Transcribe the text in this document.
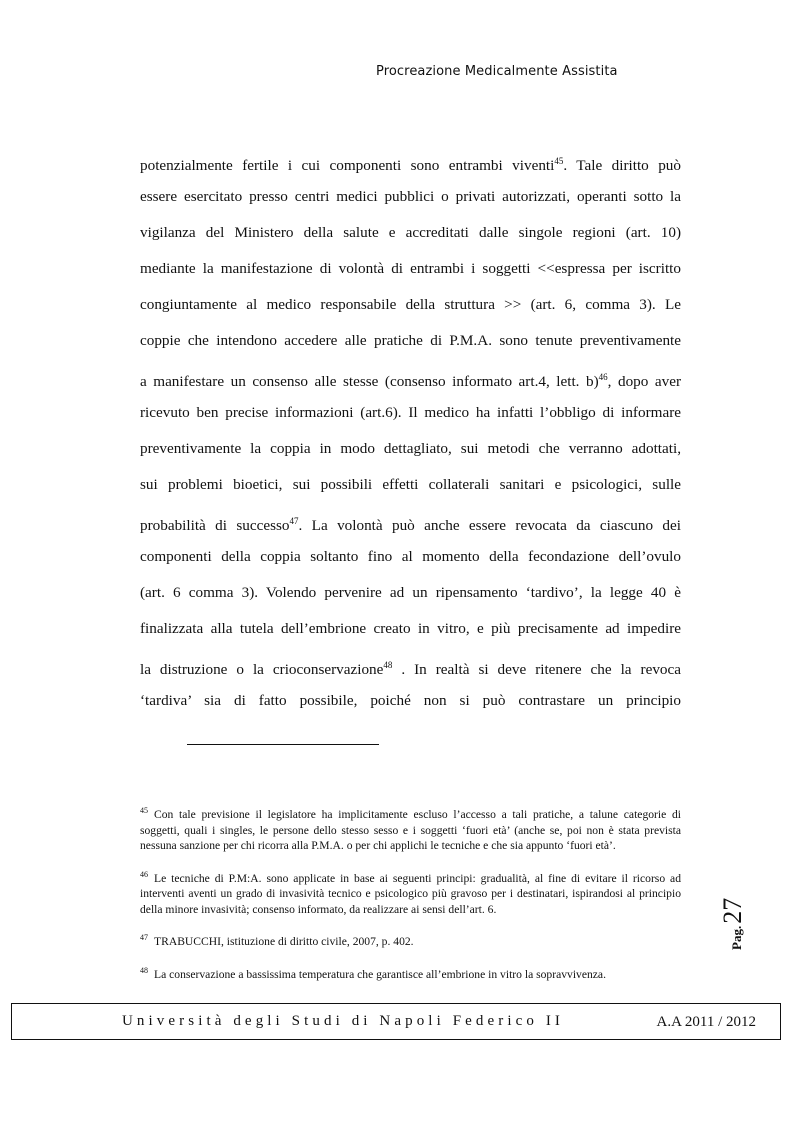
Procreazione Medicalmente Assistita
potenzialmente fertile i cui componenti sono entrambi viventi$^{45}$. Tale diritto può
essere esercitato presso centri medici pubblici o privati autorizzati, operanti sotto la
vigilanza del Ministero della salute e accreditati dalle singole regioni (art. 10)
mediante la manifestazione di volontà di entrambi i soggetti <<espressa per iscritto
congiuntamente al medico responsabile della struttura >> (art. 6, comma 3). Le
coppie che intendono accedere alle pratiche di P.M.A. sono tenute preventivamente
a manifestare un consenso alle stesse (consenso informato art.4, lett. b)$^{46}$, dopo aver
ricevuto ben precise informazioni (art.6). Il medico ha infatti l’obbligo di informare
preventivamente la coppia in modo dettagliato, sui metodi che verranno adottati,
sui problemi bioetici, sui possibili effetti collaterali sanitari e psicologici, sulle
probabilità di successo$^{47}$. La volontà può anche essere revocata da ciascuno dei
componenti della coppia soltanto fino al momento della fecondazione dell’ovulo
(art. 6 comma 3). Volendo pervenire ad un ripensamento ‘tardivo’, la legge 40 è
finalizzata alla tutela dell’embrione creato in vitro, e più precisamente ad impedire
la distruzione o la crioconservazione$^{48}$ . In realtà si deve ritenere che la revoca
‘tardiva’ sia di fatto possibile, poiché non si può contrastare un principio

$^{45}$ Con tale previsione il legislatore ha implicitamente escluso l’accesso a tali pratiche, a talune categorie di soggetti, quali i singles, le persone dello stesso sesso e i soggetti ‘fuori età’ (anche se, poi non è stata prevista nessuna sanzione per chi ricorra alla P.M.A. o per chi applichi le tecniche e che sia appunto ‘fuori età’.

$^{46}$ Le tecniche di P.M:A. sono applicate in base ai seguenti principi: gradualità, al fine di evitare il ricorso ad interventi aventi un grado di invasività tecnico e psicologico più gravoso per i destinatari, ispirandosi al principio della minore invasività; consenso informato, da realizzare ai sensi dell’art. 6.

$^{47}$ TRABUCCHI, istituzione di diritto civile, 2007, p. 402.

$^{48}$ La conservazione a bassissima temperatura che garantisce all’embrione in vitro la sopravvivenza.

Pag.27
Università degli Studi di Napoli Federico II	A.A 2011 / 2012
